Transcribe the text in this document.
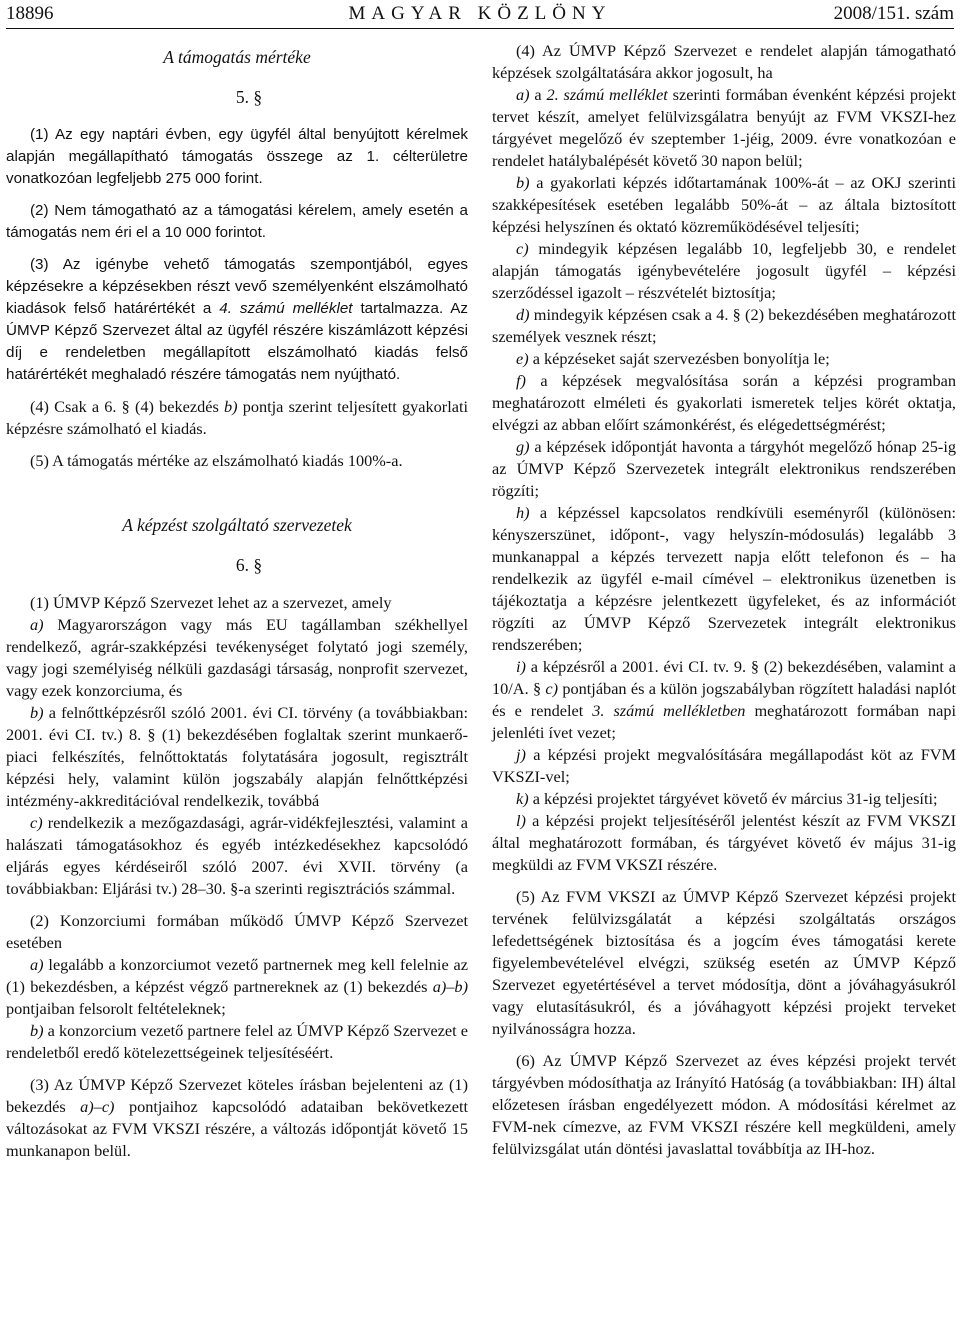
18896	MAGYAR KÖZLÖNY	2008/151. szám

A támogatás mértéke

5. §

(1) Az egy naptári évben, egy ügyfél által benyújtott kérelmek alapján megállapítható támogatás összege az 1. célterületre vonatkozóan legfeljebb 275 000 forint.

(2) Nem támogatható az a támogatási kérelem, amely esetén a támogatás nem éri el a 10 000 forintot.

(3) Az igénybe vehető támogatás szempontjából, egyes képzésekre a képzésekben részt vevő személyenként elszámolható kiadások felső határértékét a 4. számú melléklet tartalmazza. Az ÚMVP Képző Szervezet által az ügyfél részére kiszámlázott képzési díj e rendeletben megállapított elszámolható kiadás felső határértékét meghaladó részére támogatás nem nyújtható.

(4) Csak a 6. § (4) bekezdés b) pontja szerint teljesített gyakorlati képzésre számolható el kiadás.

(5) A támogatás mértéke az elszámolható kiadás 100%-a.

A képzést szolgáltató szervezetek

6. §

(1) ÚMVP Képző Szervezet lehet az a szervezet, amely

a) Magyarországon vagy más EU tagállamban székhellyel rendelkező, agrár-szakképzési tevékenységet folytató jogi személy, vagy jogi személyiség nélküli gazdasági társaság, nonprofit szervezet, vagy ezek konzorciuma, és

b) a felnőttképzésről szóló 2001. évi CI. törvény (a továbbiakban: 2001. évi CI. tv.) 8. § (1) bekezdésében foglaltak szerint munkaerő-piaci felkészítés, felnőttoktatás folytatására jogosult, regisztrált képzési hely, valamint külön jogszabály alapján felnőttképzési intézmény-akkreditációval rendelkezik, továbbá

c) rendelkezik a mezőgazdasági, agrár-vidékfejlesztési, valamint a halászati támogatásokhoz és egyéb intézkedésekhez kapcsolódó eljárás egyes kérdéseiről szóló 2007. évi XVII. törvény (a továbbiakban: Eljárási tv.) 28–30. §-a szerinti regisztrációs számmal.

(2) Konzorciumi formában működő ÚMVP Képző Szervezet esetében

a) legalább a konzorciumot vezető partnernek meg kell felelnie az (1) bekezdésben, a képzést végző partnereknek az (1) bekezdés a)–b) pontjaiban felsorolt feltételeknek;

b) a konzorcium vezető partnere felel az ÚMVP Képző Szervezet e rendeletből eredő kötelezettségeinek teljesítéséért.

(3) Az ÚMVP Képző Szervezet köteles írásban bejelenteni az (1) bekezdés a)–c) pontjaihoz kapcsolódó adataiban bekövetkezett változásokat az FVM VKSZI részére, a változás időpontját követő 15 munkanapon belül.

(4) Az ÚMVP Képző Szervezet e rendelet alapján támogatható képzések szolgáltatására akkor jogosult, ha

a) a 2. számú melléklet szerinti formában évenként képzési projekt tervet készít, amelyet felülvizsgálatra benyújt az FVM VKSZI-hez tárgyévet megelőző év szeptember 1-jéig, 2009. évre vonatkozóan e rendelet hatálybalépését követő 30 napon belül;

b) a gyakorlati képzés időtartamának 100%-át – az OKJ szerinti szakképesítések esetében legalább 50%-át – az általa biztosított képzési helyszínen és oktató közreműködésével teljesíti;

c) mindegyik képzésen legalább 10, legfeljebb 30, e rendelet alapján támogatás igénybevételére jogosult ügyfél – képzési szerződéssel igazolt – részvételét biztosítja;

d) mindegyik képzésen csak a 4. § (2) bekezdésében meghatározott személyek vesznek részt;

e) a képzéseket saját szervezésben bonyolítja le;

f) a képzések megvalósítása során a képzési programban meghatározott elméleti és gyakorlati ismeretek teljes körét oktatja, elvégzi az abban előírt számonkérést, és elégedettségmérést;

g) a képzések időpontját havonta a tárgyhót megelőző hónap 25-ig az ÚMVP Képző Szervezetek integrált elektronikus rendszerében rögzíti;

h) a képzéssel kapcsolatos rendkívüli eseményről (különösen: kényszerszünet, időpont-, vagy helyszín-módosulás) legalább 3 munkanappal a képzés tervezett napja előtt telefonon és – ha rendelkezik az ügyfél e-mail címével – elektronikus üzenetben is tájékoztatja a képzésre jelentkezett ügyfeleket, és az információt rögzíti az ÚMVP Képző Szervezetek integrált elektronikus rendszerében;

i) a képzésről a 2001. évi CI. tv. 9. § (2) bekezdésében, valamint a 10/A. § c) pontjában és a külön jogszabályban rögzített haladási naplót és e rendelet 3. számú mellékletben meghatározott formában napi jelenléti ívet vezet;

j) a képzési projekt megvalósítására megállapodást köt az FVM VKSZI-vel;

k) a képzési projektet tárgyévet követő év március 31-ig teljesíti;

l) a képzési projekt teljesítéséről jelentést készít az FVM VKSZI által meghatározott formában, és tárgyévet követő év május 31-ig megküldi az FVM VKSZI részére.

(5) Az FVM VKSZI az ÚMVP Képző Szervezet képzési projekt tervének felülvizsgálatát a képzési szolgáltatás országos lefedettségének biztosítása és a jogcím éves támogatási kerete figyelembevételével elvégzi, szükség esetén az ÚMVP Képző Szervezet egyetértésével a tervet módosítja, dönt a jóváhagyásukról vagy elutasításukról, és a jóváhagyott képzési projekt terveket nyilvánosságra hozza.

(6) Az ÚMVP Képző Szervezet az éves képzési projekt tervét tárgyévben módosíthatja az Irányító Hatóság (a továbbiakban: IH) által előzetesen írásban engedélyezett módon. A módosítási kérelmet az FVM-nek címezve, az FVM VKSZI részére kell megküldeni, amely felülvizsgálat után döntési javaslattal továbbítja az IH-hoz.
